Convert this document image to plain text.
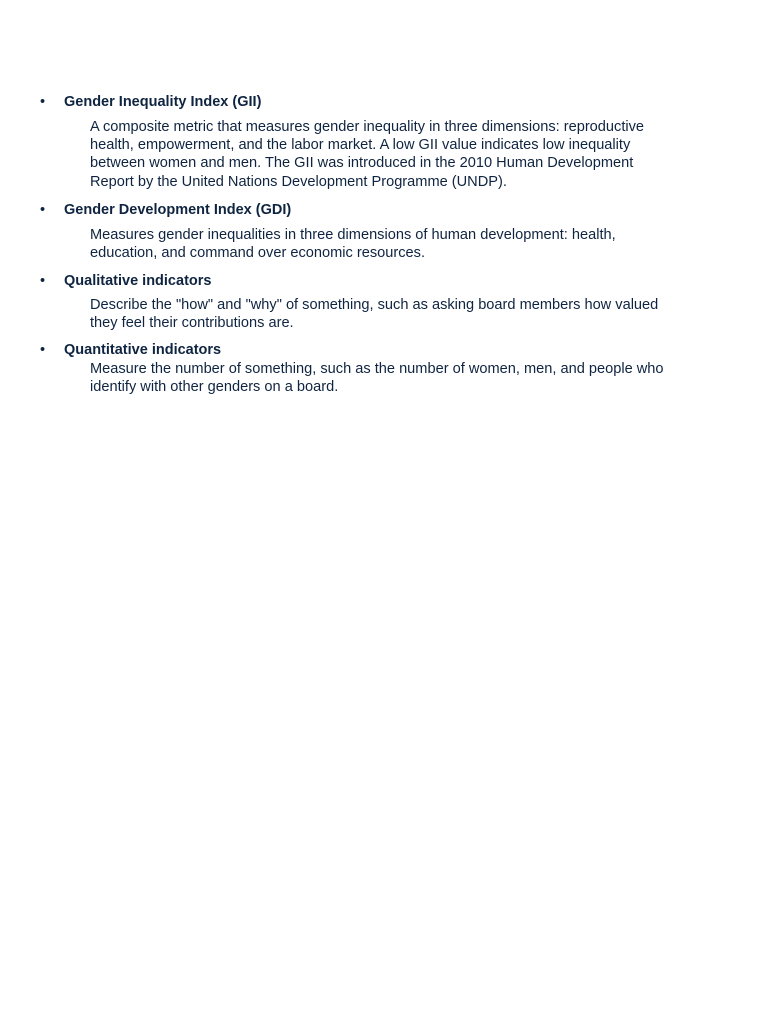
•	Gender Inequality Index (GII)
A composite metric that measures gender inequality in three dimensions: reproductive health, empowerment, and the labor market. A low GII value indicates low inequality between women and men. The GII was introduced in the 2010 Human Development Report by the United Nations Development Programme (UNDP).
•	Gender Development Index (GDI)
Measures gender inequalities in three dimensions of human development: health, education, and command over economic resources.
•	Qualitative indicators
Describe the "how" and "why" of something, such as asking board members how valued they feel their contributions are.
•	Quantitative indicators
Measure the number of something, such as the number of women, men, and people who identify with other genders on a board.
